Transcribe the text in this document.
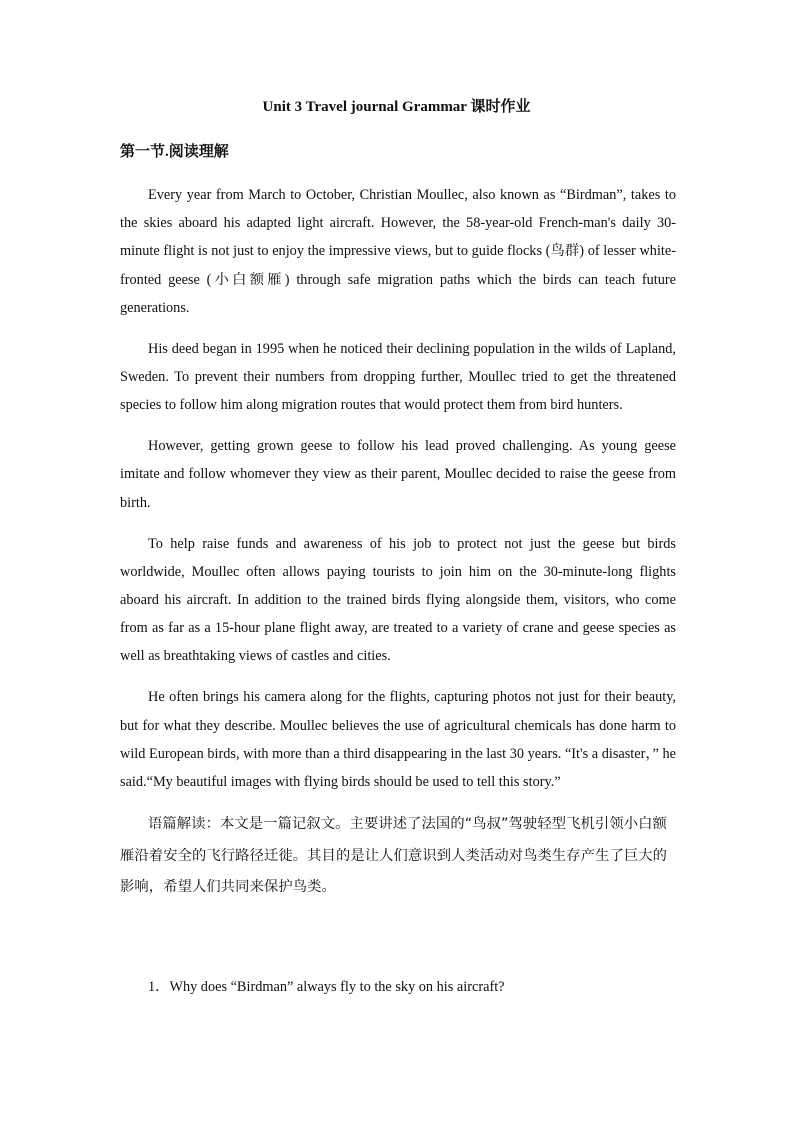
Unit 3 Travel journal Grammar 课时作业
第一节.阅读理解

Every year from March to October, Christian Moullec, also known as “Birdman”, takes to the skies aboard his adapted light aircraft. However, the 58-year-old French-man's daily 30-minute flight is not just to enjoy the impressive views, but to guide flocks (鸟群) of lesser white-fronted geese (小白额雁) through safe migration paths which the birds can teach future generations.

His deed began in 1995 when he noticed their declining population in the wilds of Lapland, Sweden. To prevent their numbers from dropping further, Moullec tried to get the threatened species to follow him along migration routes that would protect them from bird hunters.

However, getting grown geese to follow his lead proved challenging. As young geese imitate and follow whomever they view as their parent, Moullec decided to raise the geese from birth.

To help raise funds and awareness of his job to protect not just the geese but birds worldwide, Moullec often allows paying tourists to join him on the 30-minute-long flights aboard his aircraft. In addition to the trained birds flying alongside them, visitors, who come from as far as a 15-hour plane flight away, are treated to a variety of crane and geese species as well as breathtaking views of castles and cities.

He often brings his camera along for the flights, capturing photos not just for their beauty, but for what they describe. Moullec believes the use of agricultural chemicals has done harm to wild European birds, with more than a third disappearing in the last 30 years. “It's a disaster，” he said.“My beautiful images with flying birds should be used to tell this story.”

语篇解读：本文是一篇记叙文。主要讲述了法国的“鸟叔”驾驶轻型飞机引领小白额雁沿着安全的飞行路径迁徙。其目的是让人们意识到人类活动对鸟类生存产生了巨大的影响，希望人们共同来保护鸟类。

1．Why does “Birdman” always fly to the sky on his aircraft?
